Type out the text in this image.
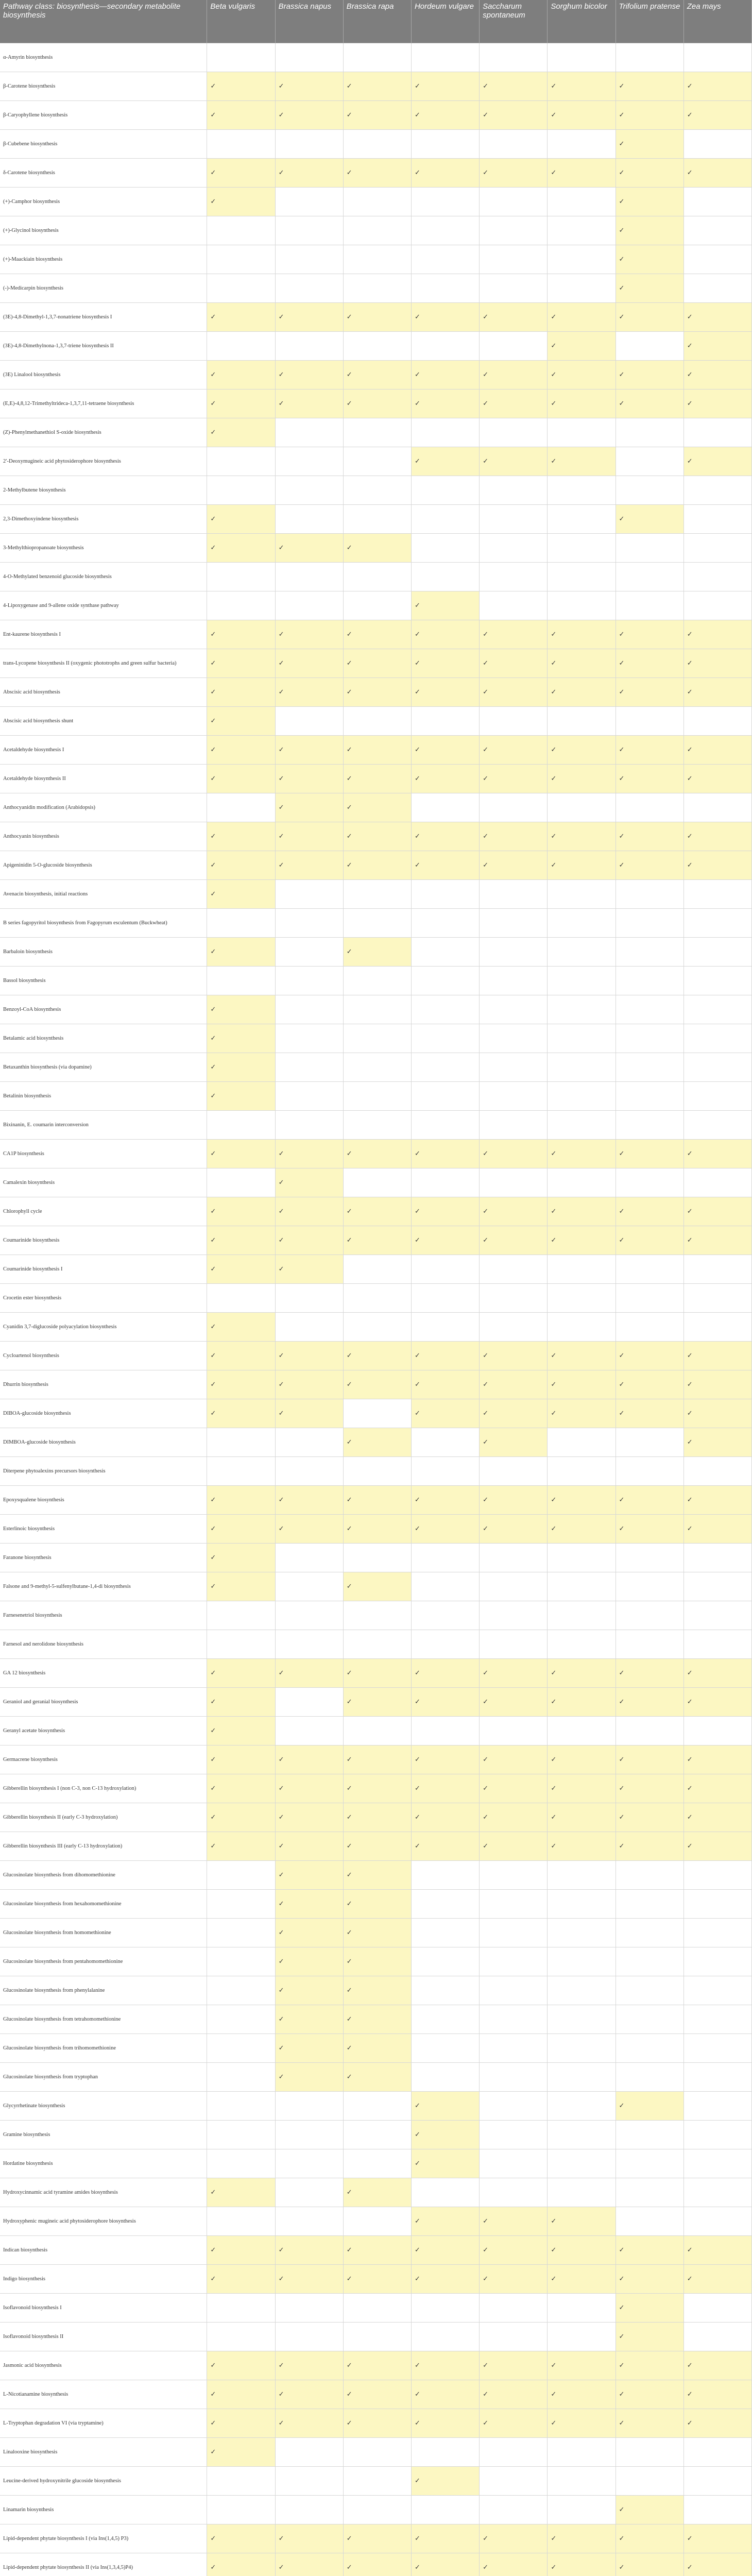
Pathway class: biosynthesis—secondary metabolite biosynthesis	Beta vulgaris	Brassica napus	Brassica rapa	Hordeum vulgare	Saccharum spontaneum	Sorghum bicolor	Trifolium pratense	Zea mays
α-Amyrin biosynthesis								
β-Carotene biosynthesis	✓	✓	✓	✓	✓	✓	✓	✓
β-Caryophyllene biosynthesis	✓	✓	✓	✓	✓	✓	✓	✓
β-Cubebene biosynthesis							✓	
δ-Carotene biosynthesis	✓	✓	✓	✓	✓	✓	✓	✓
(+)-Camphor biosynthesis	✓						✓	
(+)-Glycinol biosynthesis							✓	
(+)-Maackiain biosynthesis							✓	
(-)-Medicarpin biosynthesis							✓	
(3E)-4,8-Dimethyl-1,3,7-nonatriene biosynthesis I	✓	✓	✓	✓	✓	✓	✓	✓
(3E)-4,8-Dimethylnona-1,3,7-triene biosynthesis II						✓		✓
(3E) Linalool biosynthesis	✓	✓	✓	✓	✓	✓	✓	✓
(E,E)-4,8,12-Trimethyltrideca-1,3,7,11-tetraene biosynthesis	✓	✓	✓	✓	✓	✓	✓	✓
(Z)-Phenylmethanethiol S-oxide biosynthesis	✓							
2′-Deoxymugineic acid phytosiderophore biosynthesis				✓	✓	✓		✓
2-Methylbutene biosynthesis								
2,3-Dimethoxyindene biosynthesis	✓						✓	
3-Methylthiopropanoate biosynthesis	✓	✓	✓					
4-O-Methylated benzenoid glucoside biosynthesis								
4-Lipoxygenase and 9-allene oxide synthase pathway				✓				
Ent-kaurene biosynthesis I	✓	✓	✓	✓	✓	✓	✓	✓
trans-Lycopene biosynthesis II (oxygenic phototrophs and green sulfur bacteria)	✓	✓	✓	✓	✓	✓	✓	✓
Abscisic acid biosynthesis	✓	✓	✓	✓	✓	✓	✓	✓
Abscisic acid biosynthesis shunt	✓							
Acetaldehyde biosynthesis I	✓	✓	✓	✓	✓	✓	✓	✓
Acetaldehyde biosynthesis II	✓	✓	✓	✓	✓	✓	✓	✓
Anthocyanidin modification (Arabidopsis)		✓	✓					
Anthocyanin biosynthesis	✓	✓	✓	✓	✓	✓	✓	✓
Apigeninidin 5-O-glucoside biosynthesis	✓	✓	✓	✓	✓	✓	✓	✓
Avenacin biosynthesis, initial reactions	✓							
B series fagopyritol biosynthesis from Fagopyrum esculentum (Buckwheat)								
Barbaloin biosynthesis	✓		✓					
Bassol biosynthesis								
Benzoyl-CoA biosynthesis	✓							
Betalamic acid biosynthesis	✓							
Betaxanthin biosynthesis (via dopamine)	✓							
Betalinin biosynthesis	✓							
Bixinanin, E. coumarin interconversion								
CA1P biosynthesis	✓	✓	✓	✓	✓	✓	✓	✓
Camalexin biosynthesis		✓						
Chlorophyll cycle	✓	✓	✓	✓	✓	✓	✓	✓
Coumarinide biosynthesis	✓	✓	✓	✓	✓	✓	✓	✓
Coumarinide biosynthesis I	✓	✓						
Crocetin ester biosynthesis								
Cyanidin 3,7-diglucoside polyacylation biosynthesis	✓							
Cycloartenol biosynthesis	✓	✓	✓	✓	✓	✓	✓	✓
Dhurrin biosynthesis	✓	✓	✓	✓	✓	✓	✓	✓
DIBOA-glucoside biosynthesis	✓	✓		✓	✓	✓	✓	✓
DIMBOA-glucoside biosynthesis			✓		✓			✓
Diterpene phytoalexins precursors biosynthesis								
Epoxysqualene biosynthesis	✓	✓	✓	✓	✓	✓	✓	✓
Esterlinoic biosynthesis	✓	✓	✓	✓	✓	✓	✓	✓
Faranone biosynthesis	✓							
Falsone and 9-methyl-5-sulfenylbutane-1,4-di biosynthesis	✓		✓					
Farnesenetriol biosynthesis								
Farnesol and nerolidone biosynthesis								
GA 12 biosynthesis	✓	✓	✓	✓	✓	✓	✓	✓
Geraniol and geranial biosynthesis	✓		✓	✓	✓	✓	✓	✓
Geranyl acetate biosynthesis	✓							
Germacrene biosynthesis	✓	✓	✓	✓	✓	✓	✓	✓
Gibberellin biosynthesis I (non C-3, non C-13 hydroxylation)	✓	✓	✓	✓	✓	✓	✓	✓
Gibberellin biosynthesis II (early C-3 hydroxylation)	✓	✓	✓	✓	✓	✓	✓	✓
Gibberellin biosynthesis III (early C-13 hydroxylation)	✓	✓	✓	✓	✓	✓	✓	✓
Glucosinolate biosynthesis from dihomomethionine		✓	✓					
Glucosinolate biosynthesis from hexahomomethionine		✓	✓					
Glucosinolate biosynthesis from homomethionine		✓	✓					
Glucosinolate biosynthesis from pentahomomethionine		✓	✓					
Glucosinolate biosynthesis from phenylalanine		✓	✓					
Glucosinolate biosynthesis from tetrahomomethionine		✓	✓					
Glucosinolate biosynthesis from trihomomethionine		✓	✓					
Glucosinolate biosynthesis from tryptophan		✓	✓					
Glycyrrhetinate biosynthesis				✓			✓	
Gramine biosynthesis				✓				
Hordatine biosynthesis				✓				
Hydroxycinnamic acid tyramine amides biosynthesis	✓		✓					
Hydroxyphenic mugineic acid phytosiderophore biosynthesis				✓	✓	✓		
Indican biosynthesis	✓	✓	✓	✓	✓	✓	✓	✓
Indigo biosynthesis	✓	✓	✓	✓	✓	✓	✓	✓
Isoflavonoid biosynthesis I							✓	
Isoflavonoid biosynthesis II							✓	
Jasmonic acid biosynthesis	✓	✓	✓	✓	✓	✓	✓	✓
L-Nicotianamine biosynthesis	✓	✓	✓	✓	✓	✓	✓	✓
L-Tryptophan degradation VI (via tryptamine)	✓	✓	✓	✓	✓	✓	✓	✓
Linalooxine biosynthesis	✓							
Leucine-derived hydroxynitrile glucoside biosynthesis				✓				
Linamarin biosynthesis							✓	
Lipid-dependent phytate biosynthesis I (via Ins(1,4,5) P3)	✓	✓	✓	✓	✓	✓	✓	✓
Lipid-dependent phytate biosynthesis II (via Ins(1,3,4,5)P4)	✓	✓	✓	✓	✓	✓	✓	✓
